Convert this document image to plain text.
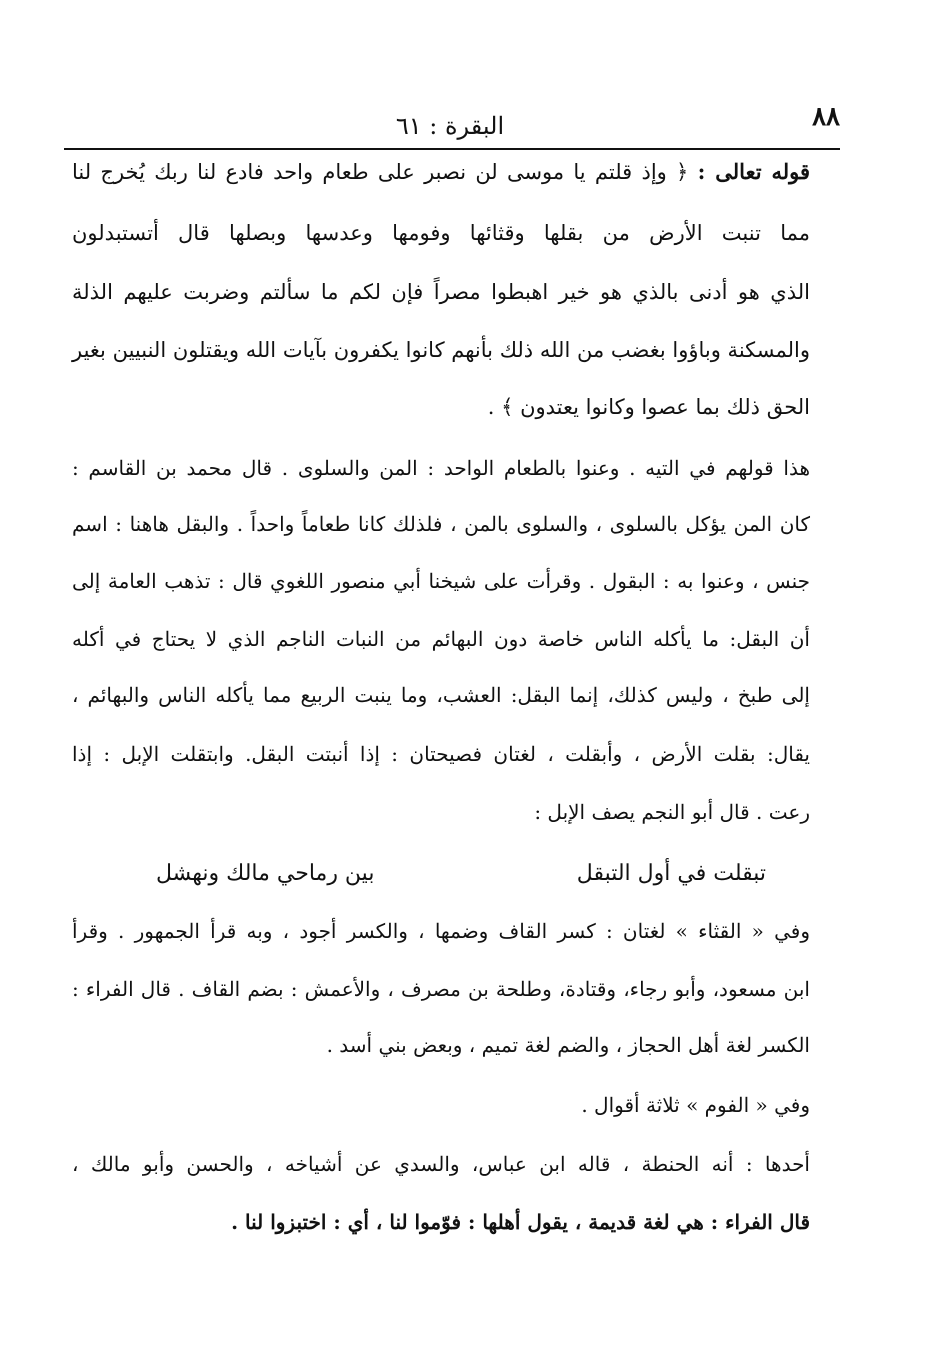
٨٨
البقرة : ٦١
قوله تعالى : ﴿ وإذ قلتم يا موسى لن نصبر على طعام واحد فادع لنا ربك يُخرج لنا
مما تنبت الأرض من بقلها وقثائها وفومها وعدسها وبصلها قال أتستبدلون
الذي هو أدنى بالذي هو خير اهبطوا مصراً فإن لكم ما سألتم وضربت عليهم الذلة
والمسكنة وباؤوا بغضب من الله ذلك بأنهم كانوا يكفرون بآيات الله ويقتلون النبيين بغير
الحق ذلك بما عصوا وكانوا يعتدون ﴾ .
هذا قولهم في التيه . وعنوا بالطعام الواحد : المن والسلوى . قال محمد بن القاسم :
كان المن يؤكل بالسلوى ، والسلوى بالمن ، فلذلك كانا طعاماً واحداً . والبقل هاهنا : اسم
جنس ، وعنوا به : البقول . وقرأت على شيخنا أبي منصور اللغوي قال : تذهب العامة إلى
أن البقل: ما يأكله الناس خاصة دون البهائم من النبات الناجم الذي لا يحتاج في أكله
إلى طبخ ، وليس كذلك، إنما البقل: العشب، وما ينبت الربيع مما يأكله الناس والبهائم ،
يقال: بقلت الأرض ، وأبقلت ، لغتان فصيحتان : إذا أنبتت البقل. وابتقلت الإبل : إذا
رعت . قال أبو النجم يصف الإبل :
تبقلت في أول التبقل
بين رماحي مالك ونهشل
وفي « القثاء » لغتان : كسر القاف وضمها ، والكسر أجود ، وبه قرأ الجمهور . وقرأ
ابن مسعود، وأبو رجاء، وقتادة، وطلحة بن مصرف ، والأعمش : بضم القاف . قال الفراء :
الكسر لغة أهل الحجاز ، والضم لغة تميم ، وبعض بني أسد .
وفي « الفوم » ثلاثة أقوال .
أحدها : أنه الحنطة ، قاله ابن عباس، والسدي عن أشياخه ، والحسن وأبو مالك ،
قال الفراء : هي لغة قديمة ، يقول أهلها : فوّموا لنا ، أي : اختبزوا لنا .
